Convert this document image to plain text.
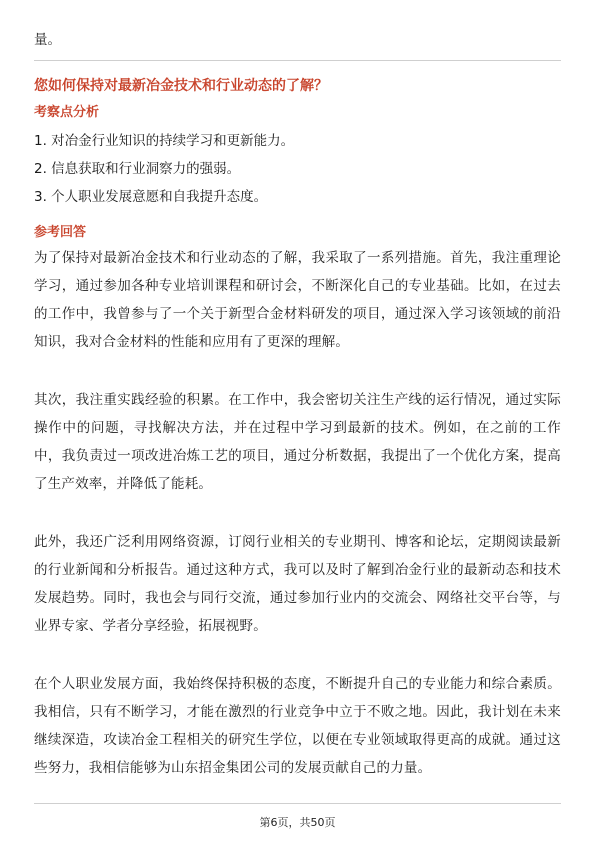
量。
您如何保持对最新冶金技术和行业动态的了解？
考察点分析
1. 对冶金行业知识的持续学习和更新能力。
2. 信息获取和行业洞察力的强弱。
3. 个人职业发展意愿和自我提升态度。
参考回答

为了保持对最新冶金技术和行业动态的了解，我采取了一系列措施。首先，我注重理论学习，通过参加各种专业培训课程和研讨会，不断深化自己的专业基础。比如，在过去的工作中，我曾参与了一个关于新型合金材料研发的项目，通过深入学习该领域的前沿知识，我对合金材料的性能和应用有了更深的理解。

其次，我注重实践经验的积累。在工作中，我会密切关注生产线的运行情况，通过实际操作中的问题，寻找解决方法，并在过程中学习到最新的技术。例如，在之前的工作中，我负责过一项改进冶炼工艺的项目，通过分析数据，我提出了一个优化方案，提高了生产效率，并降低了能耗。

此外，我还广泛利用网络资源，订阅行业相关的专业期刊、博客和论坛，定期阅读最新的行业新闻和分析报告。通过这种方式，我可以及时了解到冶金行业的最新动态和技术发展趋势。同时，我也会与同行交流，通过参加行业内的交流会、网络社交平台等，与业界专家、学者分享经验，拓展视野。

在个人职业发展方面，我始终保持积极的态度，不断提升自己的专业能力和综合素质。我相信，只有不断学习，才能在激烈的行业竞争中立于不败之地。因此，我计划在未来继续深造，攻读冶金工程相关的研究生学位，以便在专业领域取得更高的成就。通过这些努力，我相信能够为山东招金集团公司的发展贡献自己的力量。

第6页，共50页
